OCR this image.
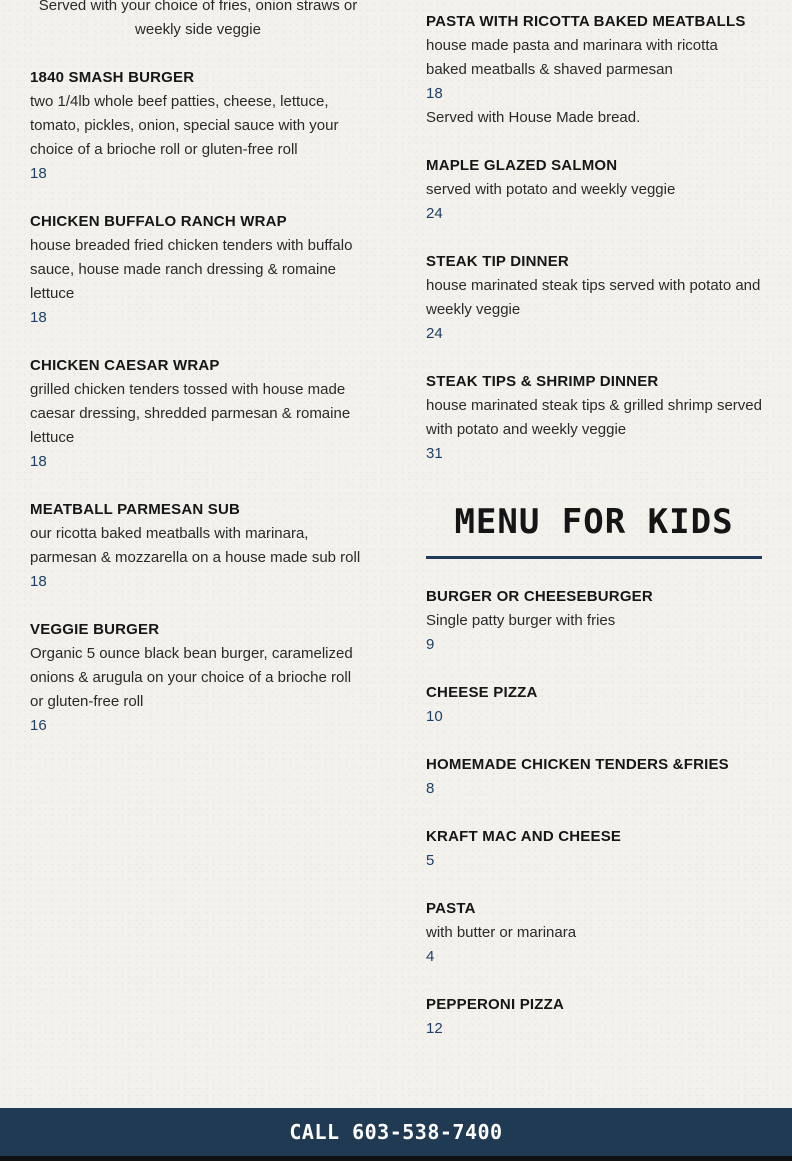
Served with your choice of fries, onion straws or weekly side veggie
1840 SMASH BURGER
two 1/4lb whole beef patties, cheese, lettuce, tomato, pickles, onion, special sauce with your choice of a brioche roll or gluten-free roll
18
CHICKEN BUFFALO RANCH WRAP
house breaded fried chicken tenders with buffalo sauce, house made ranch dressing & romaine lettuce
18
CHICKEN CAESAR WRAP
grilled chicken tenders tossed with house made caesar dressing, shredded parmesan & romaine lettuce
18
MEATBALL PARMESAN SUB
our ricotta baked meatballs with marinara, parmesan & mozzarella on a house made sub roll
18
VEGGIE BURGER
Organic 5 ounce black bean burger, caramelized onions & arugula on your choice of a brioche roll or gluten-free roll
16
PASTA WITH RICOTTA BAKED MEATBALLS
house made pasta and marinara with ricotta baked meatballs & shaved parmesan
18
Served with House Made bread.
MAPLE GLAZED SALMON
served with potato and weekly veggie
24
STEAK TIP DINNER
house marinated steak tips served with potato and weekly veggie
24
STEAK TIPS & SHRIMP DINNER
house marinated steak tips & grilled shrimp served with potato and weekly veggie
31
MENU FOR KIDS
BURGER OR CHEESEBURGER
Single patty burger with fries
9
CHEESE PIZZA
10
HOMEMADE CHICKEN TENDERS &FRIES
8
KRAFT MAC AND CHEESE
5
PASTA
with butter or marinara
4
PEPPERONI PIZZA
12
CALL 603-538-7400
